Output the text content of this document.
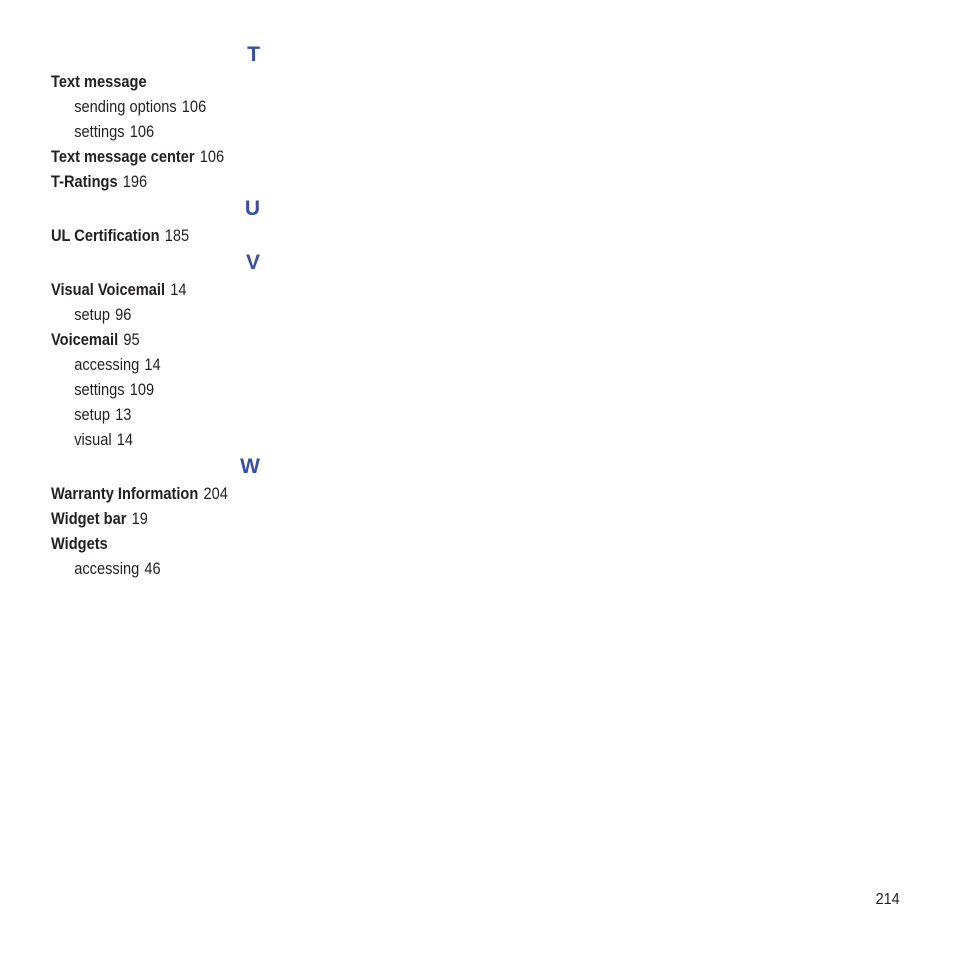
T
Text message
sending options 106
settings 106
Text message center 106
T-Ratings 196
U
UL Certification 185
V
Visual Voicemail 14
setup 96
Voicemail 95
accessing 14
settings 109
setup 13
visual 14
W
Warranty Information 204
Widget bar 19
Widgets
accessing 46
214
